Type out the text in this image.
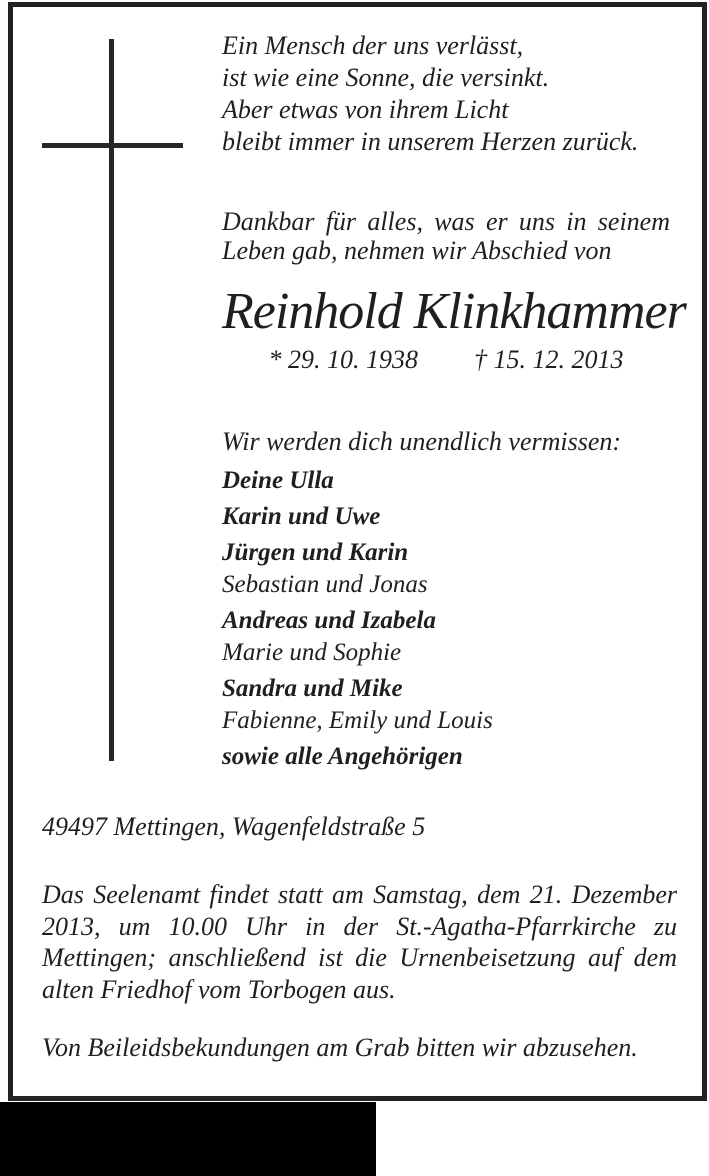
Ein Mensch der uns verlässt,
ist wie eine Sonne, die versinkt.
Aber etwas von ihrem Licht
bleibt immer in unserem Herzen zurück.
Dankbar für alles, was er uns in seinem
Leben gab, nehmen wir Abschied von
Reinhold Klinkhammer
* 29. 10. 1938 † 15. 12. 2013
Wir werden dich unendlich vermissen:
Deine Ulla
Karin und Uwe
Jürgen und Karin
Sebastian und Jonas
Andreas und Izabela
Marie und Sophie
Sandra und Mike
Fabienne, Emily und Louis
sowie alle Angehörigen
49497 Mettingen, Wagenfeldstraße 5
Das Seelenamt findet statt am Samstag, dem 21. Dezember
2013, um 10.00 Uhr in der St.-Agatha-Pfarrkirche zu
Mettingen; anschließend ist die Urnenbeisetzung auf dem
alten Friedhof vom Torbogen aus.
Von Beileidsbekundungen am Grab bitten wir abzusehen.
